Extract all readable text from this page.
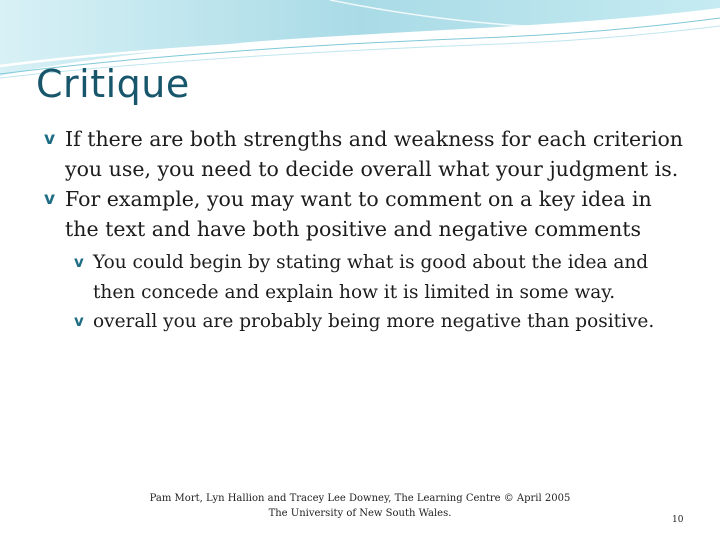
Critique
v If there are both strengths and weakness for each criterion you use, you need to decide overall what your judgment is.
v For example, you may want to comment on a key idea in the text and have both positive and negative comments
v You could begin by stating what is good about the idea and then concede and explain how it is limited in some way.
v overall you are probably being more negative than positive.
Pam Mort, Lyn Hallion and Tracey Lee Downey, The Learning Centre © April 2005
The University of New South Wales.
10
